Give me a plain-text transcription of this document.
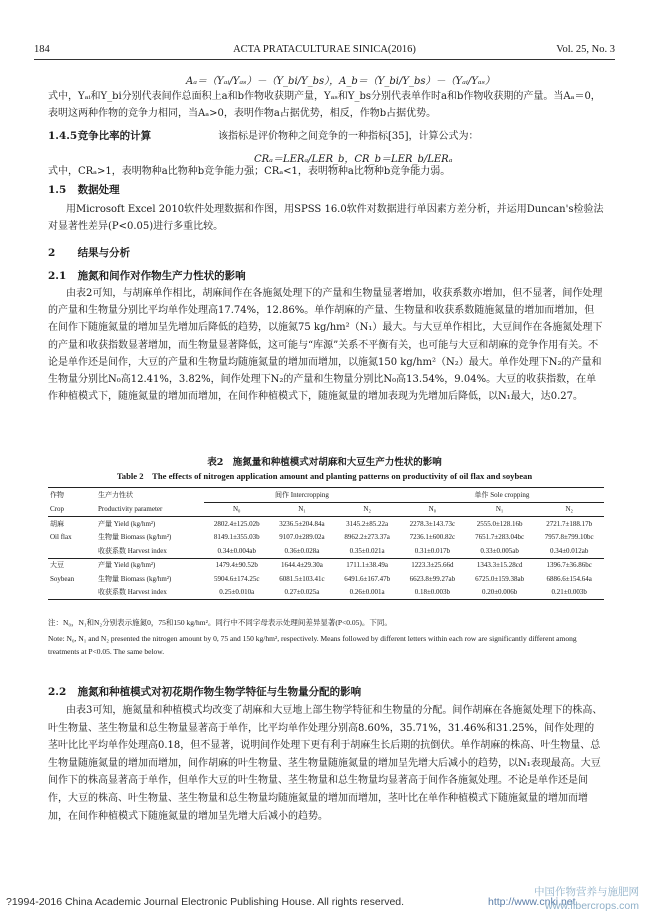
184	ACTA PRATACULTURAE SINICA(2016)	Vol. 25, No. 3
Aₐ＝（Yₐᵢ/Yₐₛ）－（Y_bi/Y_bs），A_b＝（Y_bi/Y_bs）－（Yₐᵢ/Yₐₛ）
式中，Yₐᵢ和Y_bi分别代表间作总面积上a和b作物收获期产量，Yₐₛ和Y_bs分别代表单作时a和b作物收获期的产量。当Aₐ＝0，表明这两种作物的竞争力相同，当Aₐ>0，表明作物a占据优势，相反，作物b占据优势。
1.4.5 竞争比率的计算	该指标是评价物种之间竞争的一种指标[35]，计算公式为：
CRₐ＝LERₐ/LER_b，CR_b＝LER_b/LERₐ
式中，CRₐ>1，表明物种a比物种b竞争能力强；CRₐ<1，表明物种a比物种b竞争能力弱。
1.5 数据处理
用Microsoft Excel 2010软件处理数据和作图，用SPSS 16.0软件对数据进行单因素方差分析，并运用Duncan's检验法对显著性差异(P<0.05)进行多重比较。
2 结果与分析
2.1 施氮和间作对作物生产力性状的影响
由表2可知，与胡麻单作相比，胡麻间作在各施氮处理下的产量和生物量显著增加，收获系数亦增加，但不显著，间作处理的产量和生物量分别比平均单作处理高17.74%，12.86%。单作胡麻的产量、生物量和收获系数随施氮量的增加而增加，但在间作下随施氮量的增加呈先增加后降低的趋势，以施氮75 kg/hm²（N₁）最大。与大豆单作相比，大豆间作在各施氮处理下的产量和收获指数显著增加，而生物量显著降低，这可能与“库源”关系不平衡有关，也可能与大豆和胡麻的竞争作用有关。不论是单作还是间作，大豆的产量和生物量均随施氮量的增加而增加，以施氮150 kg/hm²（N₂）最大。单作处理下N₂的产量和生物量分别比N₀高12.41%，3.82%，间作处理下N₂的产量和生物量分别比N₀高13.54%，9.04%。大豆的收获指数，在单作种植模式下，随施氮量的增加而增加，在间作种植模式下，随施氮量的增加表现为先增加后降低，以N₁最大，达0.27。
表2　施氮量和种植模式对胡麻和大豆生产力性状的影响
Table 2　The effects of nitrogen application amount and planting patterns on productivity of oil flax and soybean
作物	生产力性状	间作 Intercropping			单作 Sole cropping		
Crop	Productivity parameter	N₀	N₁	N₂	N₀	N₁	N₂
胡麻	产量 Yield (kg/hm²)	2802.4±125.02b	3236.5±204.84a	3145.2±85.22a	2278.3±143.73c	2555.0±128.16b	2721.7±188.17b
Oil flax	生物量 Biomass (kg/hm²)	8149.1±355.03b	9107.0±289.02a	8962.2±273.37a	7236.1±600.82c	7651.7±283.04bc	7957.8±799.10bc
	收获系数 Harvest index	0.34±0.004ab	0.36±0.028a	0.35±0.021a	0.31±0.017b	0.33±0.005ab	0.34±0.012ab
大豆	产量 Yield (kg/hm²)	1479.4±90.52b	1644.4±29.30a	1711.1±38.49a	1223.3±25.66d	1343.3±15.28cd	1396.7±36.86bc
Soybean	生物量 Biomass (kg/hm²)	5904.6±174.25c	6081.5±103.41c	6491.6±167.47b	6623.8±99.27ab	6725.0±159.38ab	6886.6±154.64a
	收获系数 Harvest index	0.25±0.010a	0.27±0.025a	0.26±0.001a	0.18±0.003b	0.20±0.006b	0.21±0.003b
注：N₀，N₁和N₂分别表示施氮0，75和150 kg/hm²。同行中不同字母表示处理间差异显著(P<0.05)。下同。
Note: N₀, N₁ and N₂ presented the nitrogen amount by 0, 75 and 150 kg/hm², respectively. Means followed by different letters within each row are significantly different among treatments at P<0.05. The same below.
2.2 施氮和种植模式对初花期作物生物学特征与生物量分配的影响
由表3可知，施氮量和种植模式均改变了胡麻和大豆地上部生物学特征和生物量的分配。间作胡麻在各施氮处理下的株高、叶生物量、茎生物量和总生物量显著高于单作，比平均单作处理分别高8.60%，35.71%，31.46%和31.25%，间作处理的茎叶比比平均单作处理高0.18，但不显著，说明间作处理下更有利于胡麻生长后期的抗倒伏。单作胡麻的株高、叶生物量、总生物量随施氮量的增加而增加，间作胡麻的叶生物量、茎生物量随施氮量的增加呈先增大后减小的趋势，以N₁表现最高。大豆间作下的株高显著高于单作，但单作大豆的叶生物量、茎生物量和总生物量均显著高于间作各施氮处理。不论是单作还是间作，大豆的株高、叶生物量、茎生物量和总生物量均随施氮量的增加而增加，茎叶比在单作种植模式下随施氮量的增加而增加，在间作种植模式下随施氮量的增加呈先增大后减小的趋势。
?1994-2016 China Academic Journal Electronic Publishing House. All rights reserved.	http://www.cnki.net
中国作物营养与施肥网
www.fibercrops.com
